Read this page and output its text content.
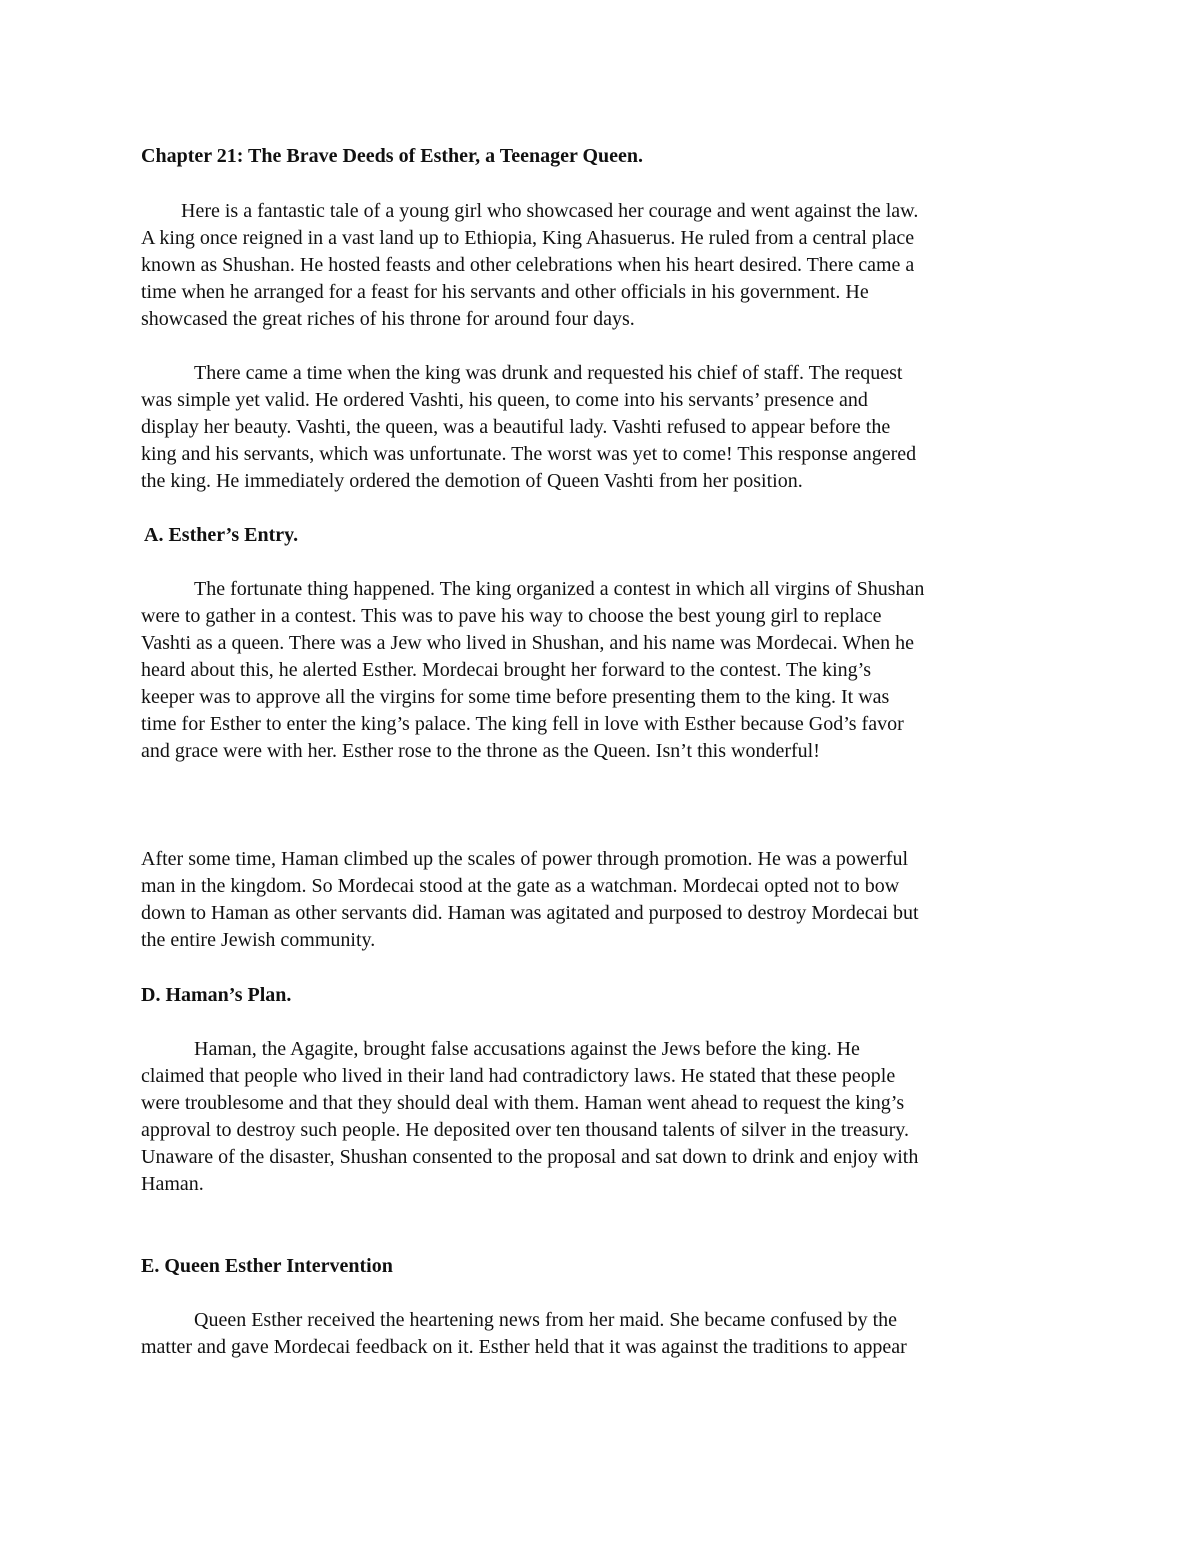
Chapter 21: The Brave Deeds of Esther, a Teenager Queen.

Here is a fantastic tale of a young girl who showcased her courage and went against the law.
A king once reigned in a vast land up to Ethiopia, King Ahasuerus. He ruled from a central place
known as Shushan. He hosted feasts and other celebrations when his heart desired. There came a
time when he arranged for a feast for his servants and other officials in his government. He
showcased the great riches of his throne for around four days.

There came a time when the king was drunk and requested his chief of staff. The request
was simple yet valid. He ordered Vashti, his queen, to come into his servants’ presence and
display her beauty. Vashti, the queen, was a beautiful lady. Vashti refused to appear before the
king and his servants, which was unfortunate. The worst was yet to come! This response angered
the king. He immediately ordered the demotion of Queen Vashti from her position.

A. Esther’s Entry.

The fortunate thing happened. The king organized a contest in which all virgins of Shushan
were to gather in a contest. This was to pave his way to choose the best young girl to replace
Vashti as a queen. There was a Jew who lived in Shushan, and his name was Mordecai. When he
heard about this, he alerted Esther. Mordecai brought her forward to the contest. The king’s
keeper was to approve all the virgins for some time before presenting them to the king. It was
time for Esther to enter the king’s palace. The king fell in love with Esther because God’s favor
and grace were with her. Esther rose to the throne as the Queen. Isn’t this wonderful!

After some time, Haman climbed up the scales of power through promotion. He was a powerful
man in the kingdom. So Mordecai stood at the gate as a watchman. Mordecai opted not to bow
down to Haman as other servants did. Haman was agitated and purposed to destroy Mordecai but
the entire Jewish community.

D. Haman’s Plan.

Haman, the Agagite, brought false accusations against the Jews before the king. He
claimed that people who lived in their land had contradictory laws. He stated that these people
were troublesome and that they should deal with them. Haman went ahead to request the king’s
approval to destroy such people. He deposited over ten thousand talents of silver in the treasury.
Unaware of the disaster, Shushan consented to the proposal and sat down to drink and enjoy with
Haman.

E. Queen Esther Intervention

Queen Esther received the heartening news from her maid. She became confused by the
matter and gave Mordecai feedback on it. Esther held that it was against the traditions to appear
